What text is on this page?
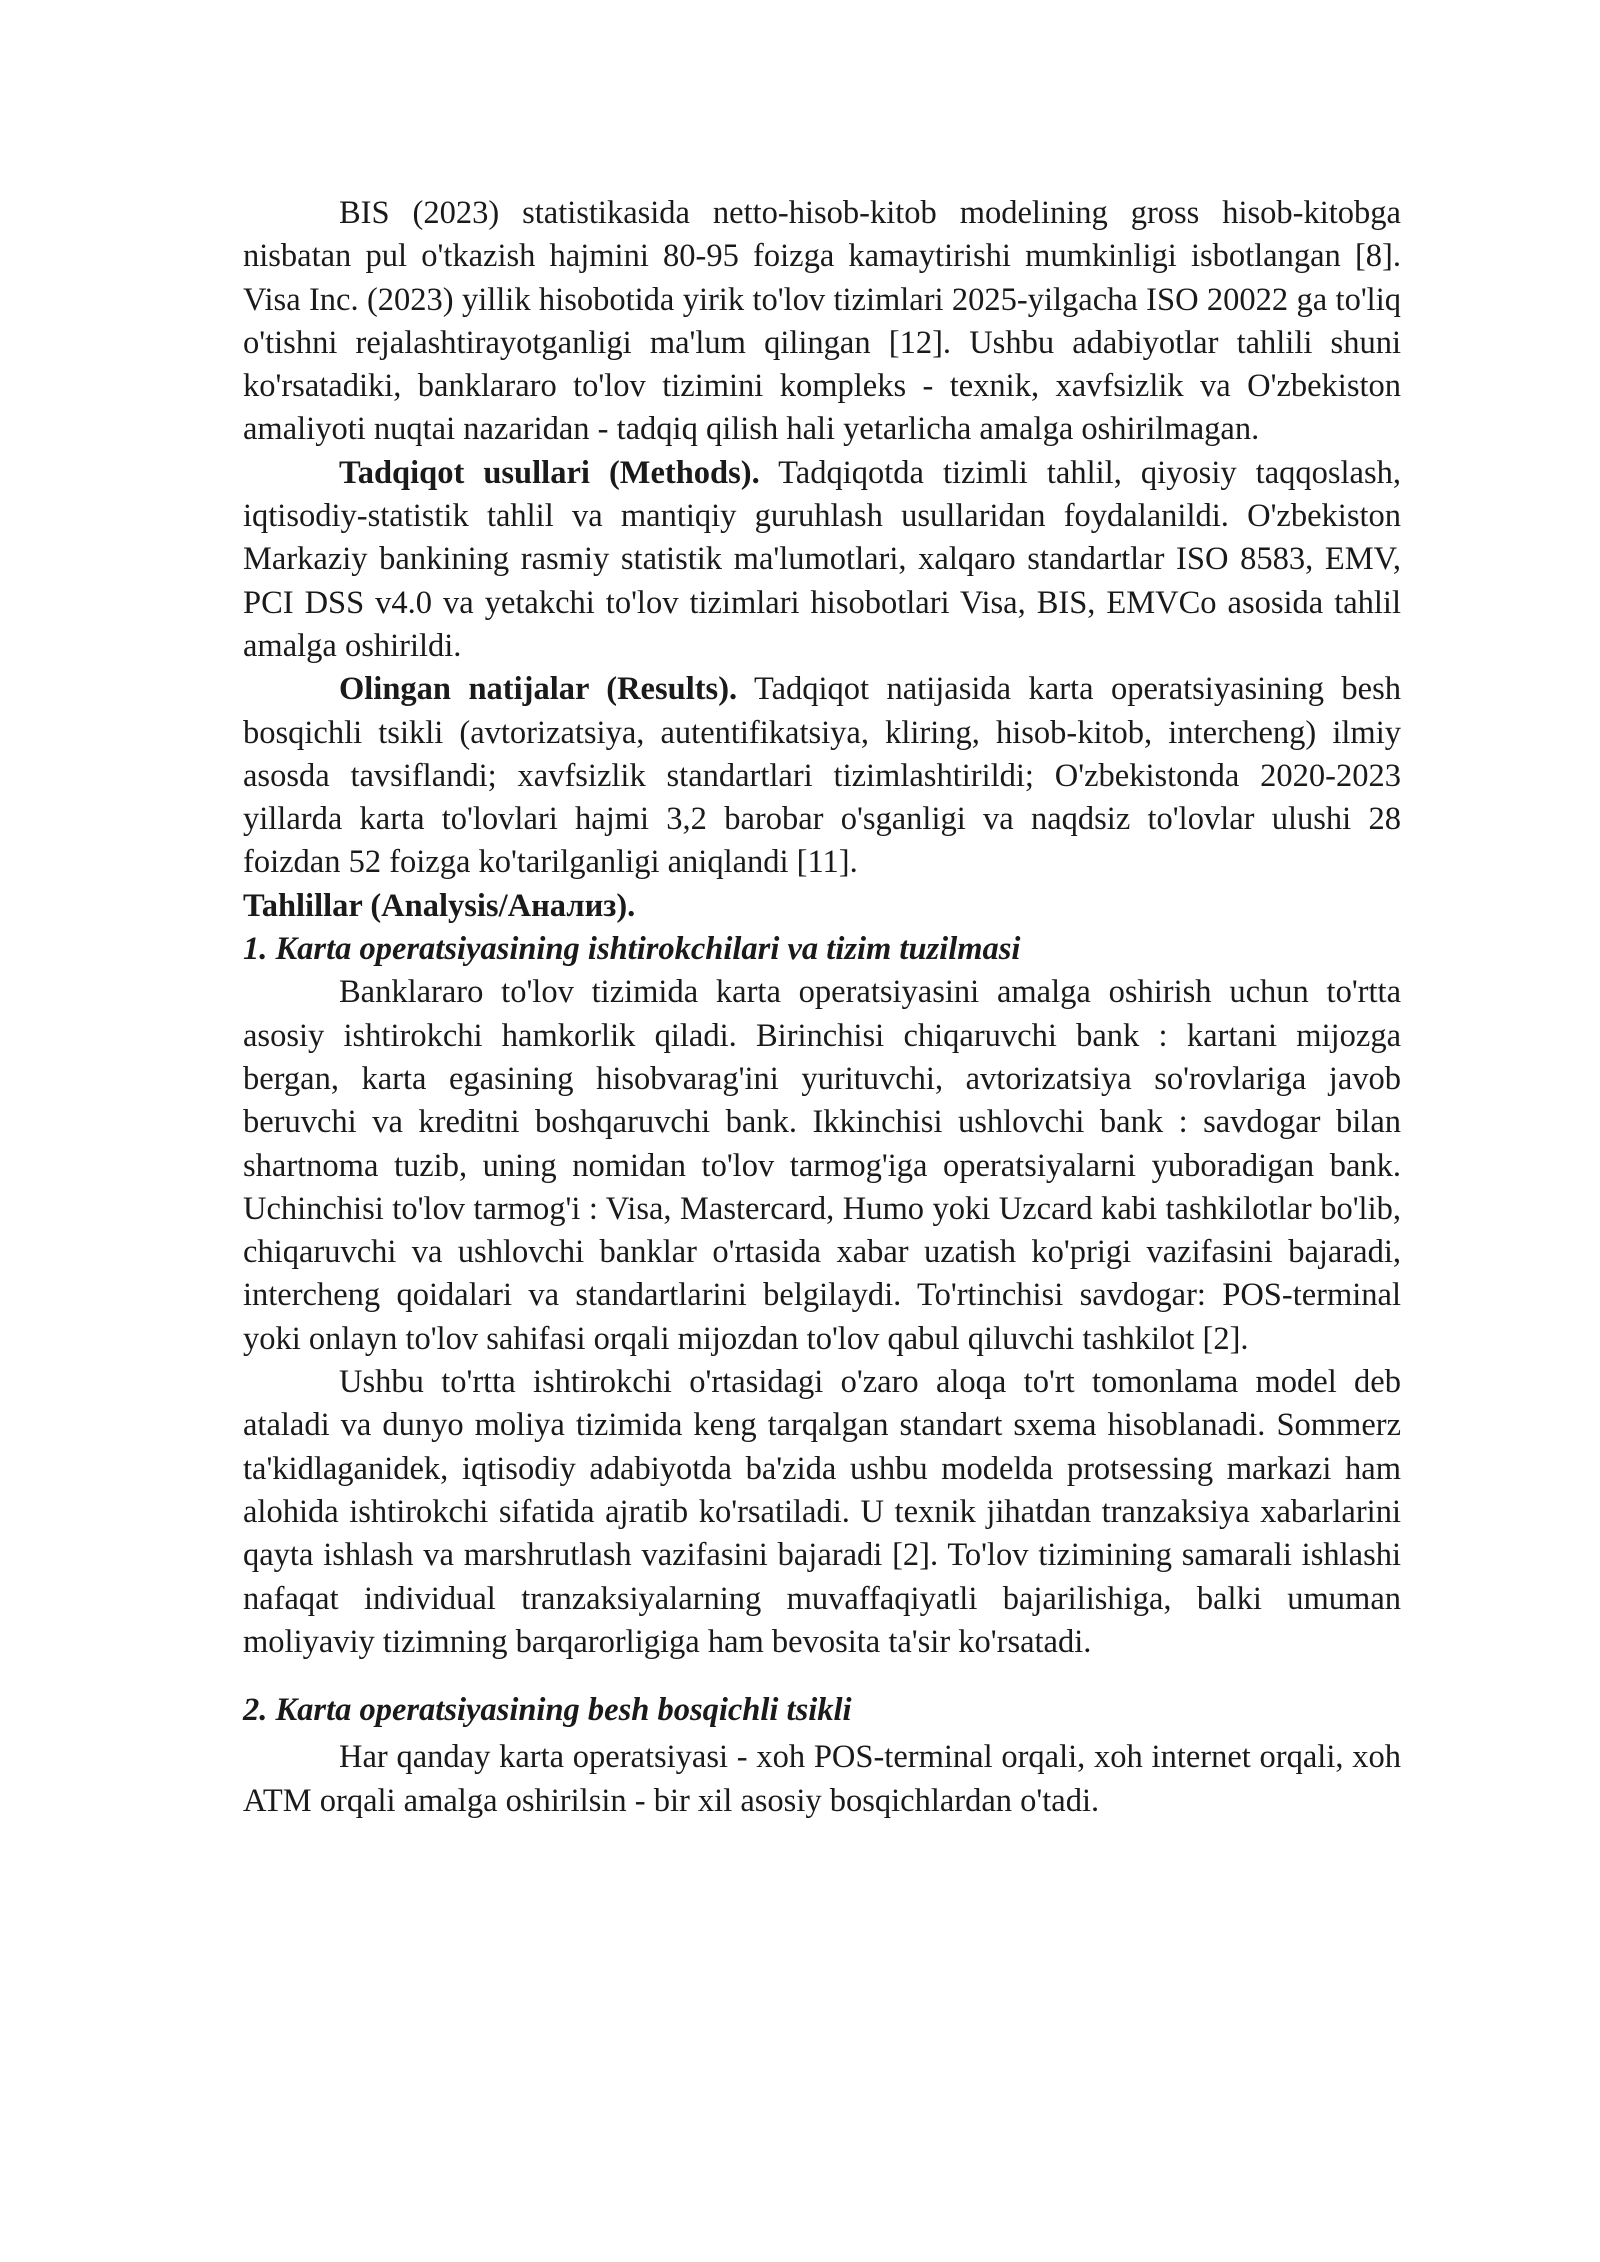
BIS (2023) statistikasida netto-hisob-kitob modelining gross hisob-kitobga nisbatan pul o'tkazish hajmini 80-95 foizga kamaytirishi mumkinligi isbotlangan [8]. Visa Inc. (2023) yillik hisobotida yirik to'lov tizimlari 2025-yilgacha ISO 20022 ga to'liq o'tishni rejalashtirayotganligi ma'lum qilingan [12]. Ushbu adabiyotlar tahlili shuni ko'rsatadiki, banklararo to'lov tizimini kompleks - texnik, xavfsizlik va O'zbekiston amaliyoti nuqtai nazaridan - tadqiq qilish hali yetarlicha amalga oshirilmagan.

Tadqiqot usullari (Methods). Tadqiqotda tizimli tahlil, qiyosiy taqqoslash, iqtisodiy-statistik tahlil va mantiqiy guruhlash usullaridan foydalanildi. O'zbekiston Markaziy bankining rasmiy statistik ma'lumotlari, xalqaro standartlar ISO 8583, EMV, PCI DSS v4.0 va yetakchi to'lov tizimlari hisobotlari Visa, BIS, EMVCo asosida tahlil amalga oshirildi.

Olingan natijalar (Results). Tadqiqot natijasida karta operatsiyasining besh bosqichli tsikli (avtorizatsiya, autentifikatsiya, kliring, hisob-kitob, intercheng) ilmiy asosda tavsiflandi; xavfsizlik standartlari tizimlashtirildi; O'zbekistonda 2020-2023 yillarda karta to'lovlari hajmi 3,2 barobar o'sganligi va naqdsiz to'lovlar ulushi 28 foizdan 52 foizga ko'tarilganligi aniqlandi [11].

Tahlillar (Analysis/Анализ).

1. Karta operatsiyasining ishtirokchilari va tizim tuzilmasi

Banklararo to'lov tizimida karta operatsiyasini amalga oshirish uchun to'rtta asosiy ishtirokchi hamkorlik qiladi. Birinchisi chiqaruvchi bank : kartani mijozga bergan, karta egasining hisobvarag'ini yurituvchi, avtorizatsiya so'rovlariga javob beruvchi va kreditni boshqaruvchi bank. Ikkinchisi ushlovchi bank : savdogar bilan shartnoma tuzib, uning nomidan to'lov tarmog'iga operatsiyalarni yuboradigan bank. Uchinchisi to'lov tarmog'i : Visa, Mastercard, Humo yoki Uzcard kabi tashkilotlar bo'lib, chiqaruvchi va ushlovchi banklar o'rtasida xabar uzatish ko'prigi vazifasini bajaradi, intercheng qoidalari va standartlarini belgilaydi. To'rtinchisi savdogar: POS-terminal yoki onlayn to'lov sahifasi orqali mijozdan to'lov qabul qiluvchi tashkilot [2].

Ushbu to'rtta ishtirokchi o'rtasidagi o'zaro aloqa to'rt tomonlama model deb ataladi va dunyo moliya tizimida keng tarqalgan standart sxema hisoblanadi. Sommerz ta'kidlaganidek, iqtisodiy adabiyotda ba'zida ushbu modelda protsessing markazi ham alohida ishtirokchi sifatida ajratib ko'rsatiladi. U texnik jihatdan tranzaksiya xabarlarini qayta ishlash va marshrutlash vazifasini bajaradi [2]. To'lov tizimining samarali ishlashi nafaqat individual tranzaksiyalarning muvaffaqiyatli bajarilishiga, balki umuman moliyaviy tizimning barqarorligiga ham bevosita ta'sir ko'rsatadi.

2. Karta operatsiyasining besh bosqichli tsikli

Har qanday karta operatsiyasi - xoh POS-terminal orqali, xoh internet orqali, xoh ATM orqali amalga oshirilsin - bir xil asosiy bosqichlardan o'tadi.
